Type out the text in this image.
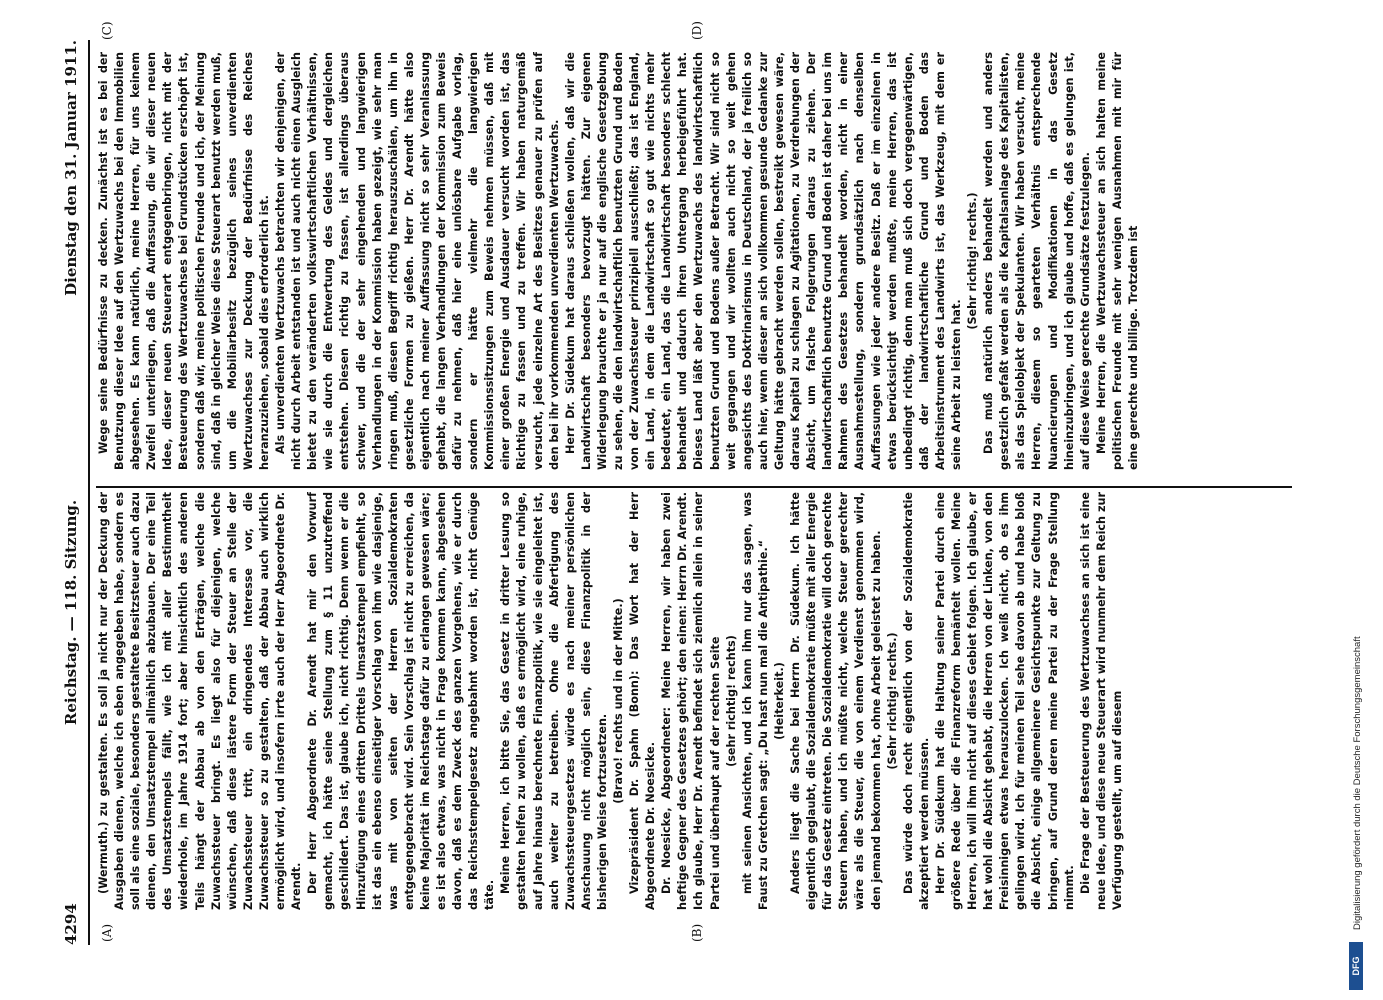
4294
Reichstag. — 118. Sitzung.
Dienstag den 31. Januar 1911.
(A)	(B)
(C)	(D)

(Wermuth.) zu gestalten. Es soll ja nicht nur der Deckung der Ausgaben dienen, welche ich eben angegeben habe, sondern es soll als eine soziale, besonders gestaltete Besitzsteuer auch dazu dienen, den Umsatzstempel allmählich abzubauen. Der eine Teil des Umsatzstempels fällt, wie ich mit aller Bestimmtheit wiederhole, im Jahre 1914 fort; aber hinsichtlich des anderen Teils hängt der Abbau ab von den Erträgen, welche die Zuwachssteuer bringt. Es liegt also für diejenigen, welche wünschen, daß diese lästere Form der Steuer an Stelle der Zuwachssteuer tritt, ein dringendes Interesse vor, die Zuwachssteuer so zu gestalten, daß der Abbau auch wirklich ermöglicht wird, und insofern irrte auch der Herr Abgeordnete Dr. Arendt. Der Herr Abgeordnete Dr. Arendt hat mir den Vorwurf gemacht, ich hätte seine Stellung zum § 11 unzutreffend geschildert. Das ist, glaube ich, nicht richtig. Denn wenn er die Hinzufügung eines dritten Drittels Umsatzstempel empfiehlt, so ist das ein ebenso einseitiger Vorschlag von ihm wie dasjenige, was mit von seiten der Herren Sozialdemokraten entgegengebracht wird. Sein Vorschlag ist nicht zu erreichen, da keine Majorität im Reichstage dafür zu erlangen gewesen wäre; es ist also etwas, was nicht in Frage kommen kann, abgesehen davon, daß es dem Zweck des ganzen Vorgehens, wie er durch das Reichsstempelgesetz angebahnt worden ist, nicht Genüge täte.

Meine Herren, ich bitte Sie, das Gesetz in dritter Lesung so gestalten helfen zu wollen, daß es ermöglicht wird, eine ruhige, auf Jahre hinaus berechnete Finanzpolitik, wie sie eingeleitet ist, auch weiter zu betreiben. Ohne die Abfertigung des Zuwachssteuergesetzes würde es nach meiner persönlichen Anschauung nicht möglich sein, diese Finanzpolitik in der bisherigen Weise fortzusetzen.

(Bravo! rechts und in der Mitte.) Vizepräsident Dr. Spahn (Bonn): Das Wort hat der Herr Abgeordnete Dr. Noesicke. Dr. Noesicke, Abgeordneter: Meine Herren, wir haben zwei heftige Gegner des Gesetzes gehört; den einen: Herrn Dr. Arendt. Ich glaube, Herr Dr. Arendt befindet sich ziemlich allein in seiner Partei und überhaupt auf der rechten Seite (sehr richtig! rechts) mit seinen Ansichten, und ich kann ihm nur das sagen, was Faust zu Gretchen sagt: „Du hast nun mal die Antipathie.“ (Heiterkeit.) Anders liegt die Sache bei Herrn Dr. Südekum. Ich hätte eigentlich geglaubt, die Sozialdemokratie müßte mit aller Energie für das Gesetz eintreten. Die Sozialdemokratie will doch gerechte Steuern haben, und ich müßte nicht, welche Steuer gerechter wäre als die Steuer, die von einem Verdienst genommen wird, den jemand bekommen hat, ohne Arbeit geleistet zu haben. (Sehr richtig! rechts.) Das würde doch recht eigentlich von der Sozialdemokratie akzeptiert werden müssen. Herr Dr. Südekum hat die Haltung seiner Partei durch eine größere Rede über die Finanzreform bemäntelt wollen. Meine Herren, ich will ihm nicht auf dieses Gebiet folgen. Ich glaube, er hat wohl die Absicht gehabt, die Herren von der Linken, von den Freisinnigen etwas herauszulocken. Ich weiß nicht, ob es ihm gelingen wird. Ich für meinen Teil sehe davon ab und habe bloß die Absicht, einige allgemeinere Gesichtspunkte zur Geltung zu bringen, auf Grund deren meine Partei zu der Frage Stellung nimmt. Die Frage der Besteuerung des Wertzuwachses an sich ist eine neue Idee, und diese neue Steuerart wird nunmehr dem Reich zur Verfügung gestellt, um auf diesem

Wege seine Bedürfnisse zu decken. Zunächst ist es bei der Benutzung dieser Idee auf den Wertzuwachs bei den Immobilien abgesehen. Es kann natürlich, meine Herren, für uns keinem Zweifel unterliegen, daß die Auffassung, die wir dieser neuen Idee, dieser neuen Steuerart entgegenbringen, nicht mit der Besteuerung des Wertzuwachses bei Grundstücken erschöpft ist, sondern daß wir, meine politischen Freunde und ich, der Meinung sind, daß in gleicher Weise diese Steuerart benutzt werden muß, um die Mobiliarbesitz bezüglich seines unverdienten Wertzuwachses zur Deckung der Bedürfnisse des Reiches heranzuziehen, sobald dies erforderlich ist. Als unverdienten Wertzuwachs betrachten wir denjenigen, der nicht durch Arbeit entstanden ist und auch nicht einen Ausgleich bietet zu den veränderten volkswirtschaftlichen Verhältnissen, wie sie durch die Entwertung des Geldes und dergleichen entstehen. Diesen richtig zu fassen, ist allerdings überaus schwer, und die der sehr eingehenden und langwierigen Verhandlungen in der Kommission haben gezeigt, wie sehr man ringen muß, diesen Begriff richtig herauszuschälen, um ihn in gesetzliche Formen zu gießen. Herr Dr. Arendt hätte also eigentlich nach meiner Auffassung nicht so sehr Veranlassung gehabt, die langen Verhandlungen der Kommission zum Beweis dafür zu nehmen, daß hier eine unlösbare Aufgabe vorlag, sondern er hätte vielmehr die langwierigen Kommissionssitzungen zum Beweis nehmen müssen, daß mit einer großen Energie und Ausdauer versucht worden ist, das Richtige zu fassen und zu treffen. Wir haben naturgemäß versucht, jede einzelne Art des Besitzes genauer zu prüfen auf den bei ihr vorkommenden unverdienten Wertzuwachs. Herr Dr. Südekum hat daraus schließen wollen, daß wir die Landwirtschaft besonders bevorzugt hätten. Zur eigenen Widerlegung brauchte er ja nur auf die englische Gesetzgebung zu sehen, die den landwirtschaftlich benutzten Grund und Boden von der Zuwachssteuer prinzipiell ausschließt; das ist England, ein Land, in dem die Landwirtschaft so gut wie nichts mehr bedeutet, ein Land, das die Landwirtschaft besonders schlecht behandelt und dadurch ihren Untergang herbeigeführt hat. Dieses Land läßt aber den Wertzuwachs des landwirtschaftlich benutzten Grund und Bodens außer Betracht. Wir sind nicht so weit gegangen und wir wollten auch nicht so weit gehen angesichts des Doktrinarismus in Deutschland, der ja freilich so auch hier, wenn dieser an sich vollkommen gesunde Gedanke zur Geltung hätte gebracht werden sollen, bestreikt gewesen wäre, daraus Kapital zu schlagen zu Agitationen, zu Verdrehungen der Absicht, um falsche Folgerungen daraus zu ziehen. Der landwirtschaftlich benutzte Grund und Boden ist daher bei uns im Rahmen des Gesetzes behandelt worden, nicht in einer Ausnahmestellung, sondern grundsätzlich nach denselben Auffassungen wie jeder andere Besitz. Daß er im einzelnen in etwas berücksichtigt werden mußte, meine Herren, das ist unbedingt richtig, denn man muß sich doch vergegenwärtigen, daß der landwirtschaftliche Grund und Boden das Arbeitsinstrument des Landwirts ist, das Werkzeug, mit dem er seine Arbeit zu leisten hat.

(Sehr richtig! rechts.) Das muß natürlich anders behandelt werden und anders gesetzlich gefaßt werden als die Kapitalsanlage des Kapitalisten, als das Spielobjekt der Spekulanten. Wir haben versucht, meine Herren, diesem so gearteten Verhältnis entsprechende Nuancierungen und Modifikationen in das Gesetz hineinzubringen, und ich glaube und hoffe, daß es gelungen ist, auf diese Weise gerechte Grundsätze festzulegen. Meine Herren, die Wertzuwachssteuer an sich halten meine politischen Freunde mit sehr wenigen Ausnahmen mit mir für eine gerechte und billige. Trotzdem ist

DFG
Digitalisierung gefördert durch die Deutsche Forschungsgemeinschaft
